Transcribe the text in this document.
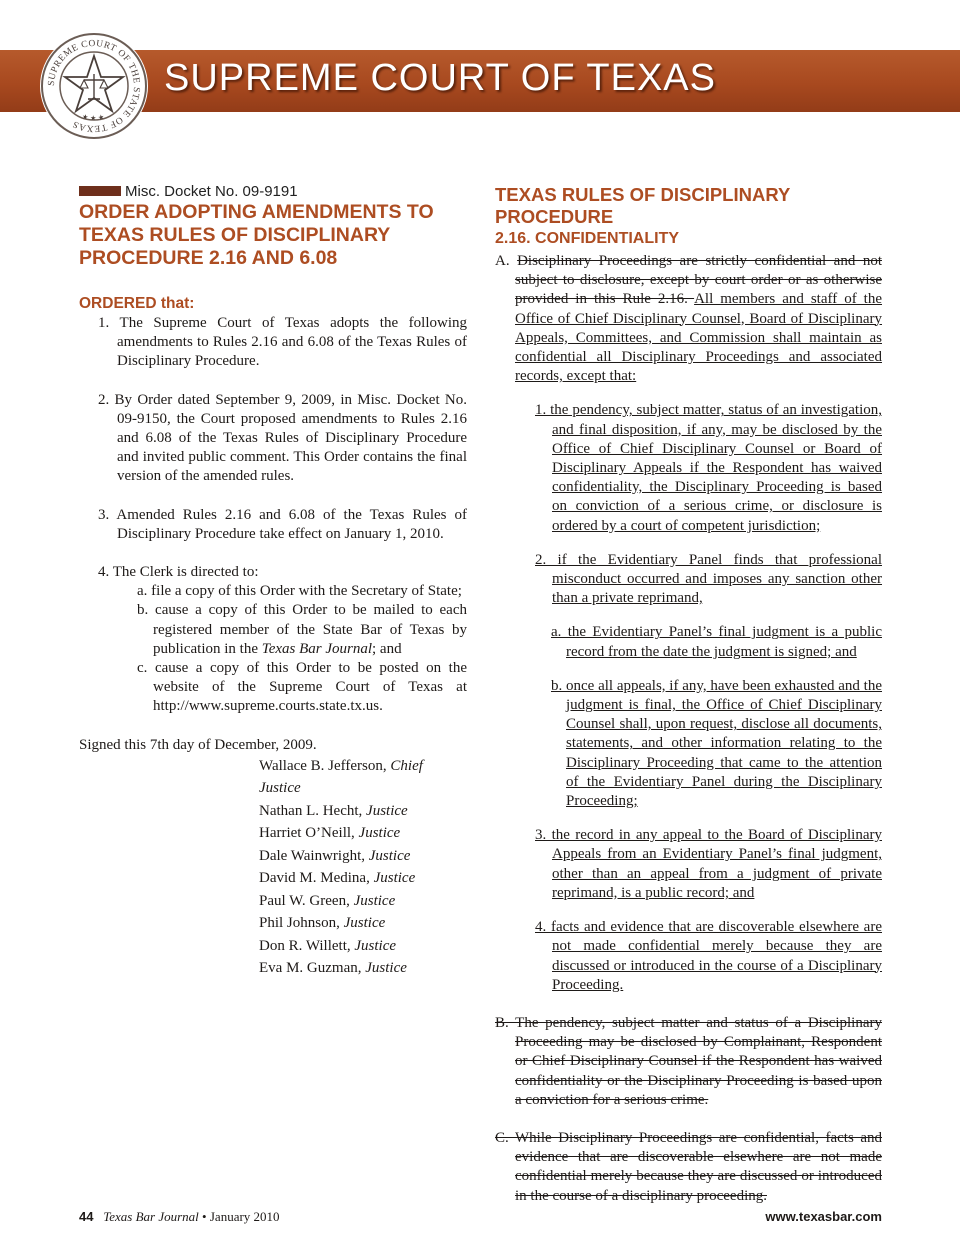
SUPREME COURT OF TEXAS
SUPREME COURT OF THE STATE OF TEXAS
★ ★ ★
Misc. Docket No. 09-9191
ORDER ADOPTING AMENDMENTS TO TEXAS RULES OF DISCIPLINARY PROCEDURE 2.16 AND 6.08
ORDERED that:
1. The Supreme Court of Texas adopts the following amendments to Rules 2.16 and 6.08 of the Texas Rules of Disciplinary Procedure.
2. By Order dated September 9, 2009, in Misc. Docket No. 09-9150, the Court proposed amendments to Rules 2.16 and 6.08 of the Texas Rules of Disciplinary Procedure and invited public comment. This Order contains the final version of the amended rules.
3. Amended Rules 2.16 and 6.08 of the Texas Rules of Disciplinary Procedure take effect on January 1, 2010.
4. The Clerk is directed to:
a. file a copy of this Order with the Secretary of State;
b. cause a copy of this Order to be mailed to each registered member of the State Bar of Texas by publication in the Texas Bar Journal; and
c. cause a copy of this Order to be posted on the website of the Supreme Court of Texas at http://www.supreme.courts.state.tx.us.
Signed this 7th day of December, 2009.
Wallace B. Jefferson, Chief Justice
Nathan L. Hecht, Justice
Harriet O’Neill, Justice
Dale Wainwright, Justice
David M. Medina, Justice
Paul W. Green, Justice
Phil Johnson, Justice
Don R. Willett, Justice
Eva M. Guzman, Justice
TEXAS RULES OF DISCIPLINARY PROCEDURE
2.16. CONFIDENTIALITY
A. Disciplinary Proceedings are strictly confidential and not subject to disclosure, except by court order or as otherwise provided in this Rule 2.16. All members and staff of the Office of Chief Disciplinary Counsel, Board of Disciplinary Appeals, Committees, and Commission shall maintain as confidential all Disciplinary Proceedings and associated records, except that:
1. the pendency, subject matter, status of an investigation, and final disposition, if any, may be disclosed by the Office of Chief Disciplinary Counsel or Board of Disciplinary Appeals if the Respondent has waived confidentiality, the Disciplinary Proceeding is based on conviction of a serious crime, or disclosure is ordered by a court of competent jurisdiction;
2. if the Evidentiary Panel finds that professional misconduct occurred and imposes any sanction other than a private reprimand,
a. the Evidentiary Panel’s final judgment is a public record from the date the judgment is signed; and
b. once all appeals, if any, have been exhausted and the judgment is final, the Office of Chief Disciplinary Counsel shall, upon request, disclose all documents, statements, and other information relating to the Disciplinary Proceeding that came to the attention of the Evidentiary Panel during the Disciplinary Proceeding;
3. the record in any appeal to the Board of Disciplinary Appeals from an Evidentiary Panel’s final judgment, other than an appeal from a judgment of private reprimand, is a public record; and
4. facts and evidence that are discoverable elsewhere are not made confidential merely because they are discussed or introduced in the course of a Disciplinary Proceeding.
B. The pendency, subject matter and status of a Disciplinary Proceeding may be disclosed by Complainant, Respondent or Chief Disciplinary Counsel if the Respondent has waived confidentiality or the Disciplinary Proceeding is based upon a conviction for a serious crime.
C. While Disciplinary Proceedings are confidential, facts and evidence that are discoverable elsewhere are not made confidential merely because they are discussed or introduced in the course of a disciplinary proceeding.
44 Texas Bar Journal • January 2010	www.texasbar.com
